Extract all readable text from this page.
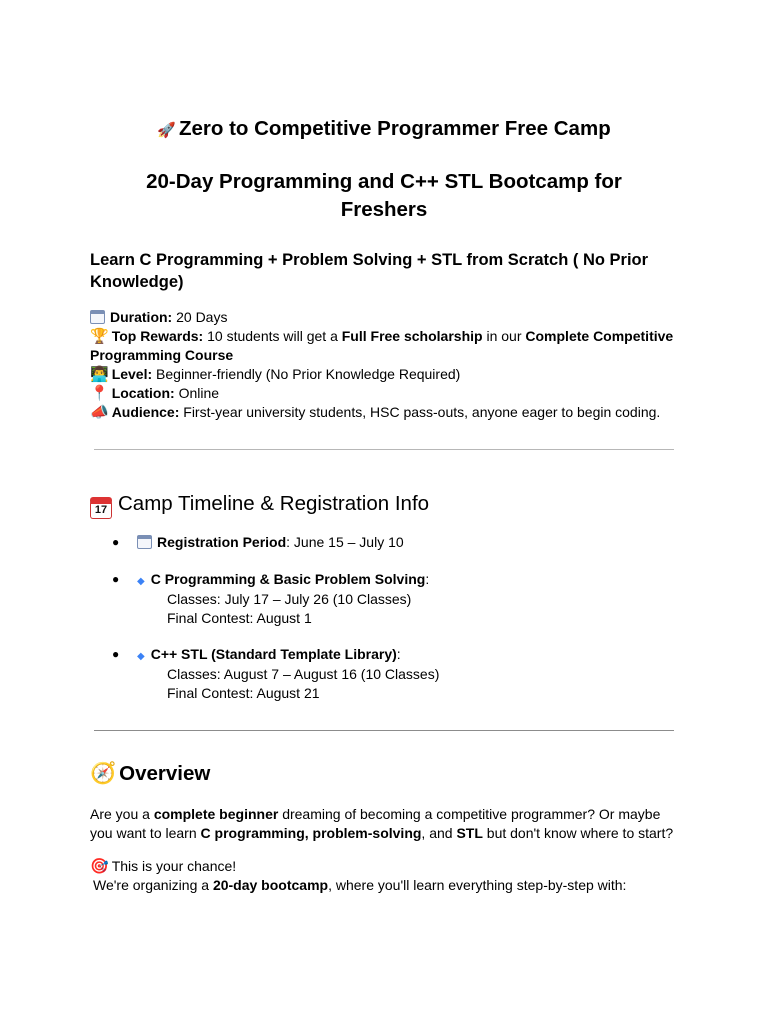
🚀 Zero to Competitive Programmer Free Camp
20-Day Programming and C++ STL Bootcamp for
Freshers
Learn C Programming + Problem Solving + STL from Scratch ( No Prior
Knowledge)
Duration: 20 Days
🏆 Top Rewards: 10 students will get a Full Free scholarship in our Complete Competitive
Programming Course
👨‍💻 Level: Beginner-friendly (No Prior Knowledge Required)
📍 Location: Online
📣 Audience: First-year university students, HSC pass-outs, anyone eager to begin coding.
17 Camp Timeline & Registration Info
●	Registration Period: June 15 – July 10
● ◆ C Programming & Basic Problem Solving:
Classes: July 17 – July 26 (10 Classes)
Final Contest: August 1
● ◆ C++ STL (Standard Template Library):
Classes: August 7 – August 16 (10 Classes)
Final Contest: August 21
🧭 Overview
Are you a complete beginner dreaming of becoming a competitive programmer? Or maybe
you want to learn C programming, problem-solving, and STL but don't know where to start?
🎯 This is your chance!
We're organizing a 20-day bootcamp, where you'll learn everything step-by-step with:
